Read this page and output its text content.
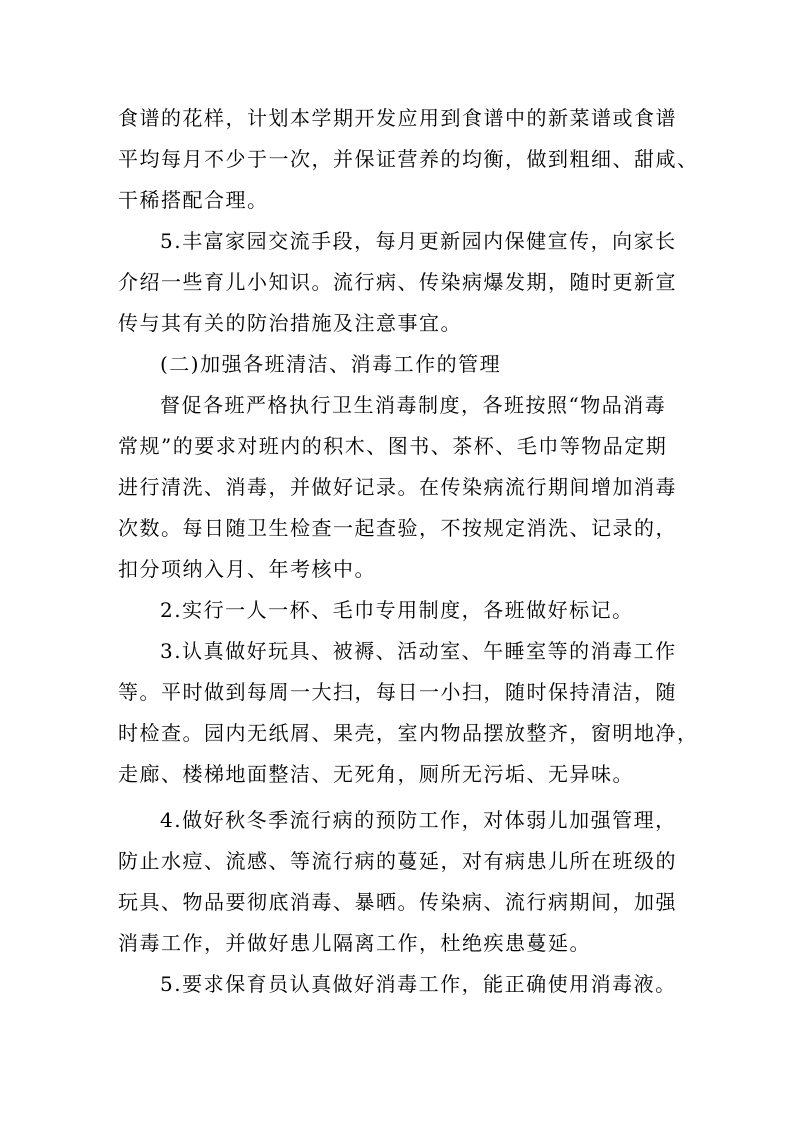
食谱的花样，计划本学期开发应用到食谱中的新菜谱或食谱
平均每月不少于一次，并保证营养的均衡，做到粗细、甜咸、
干稀搭配合理。
5.丰富家园交流手段，每月更新园内保健宣传，向家长
介绍一些育儿小知识。流行病、传染病爆发期，随时更新宣
传与其有关的防治措施及注意事宜。
(二)加强各班清洁、消毒工作的管理
督促各班严格执行卫生消毒制度，各班按照“物品消毒
常规”的要求对班内的积木、图书、茶杯、毛巾等物品定期
进行清洗、消毒，并做好记录。在传染病流行期间增加消毒
次数。每日随卫生检查一起查验，不按规定消洗、记录的，
扣分项纳入月、年考核中。
2.实行一人一杯、毛巾专用制度，各班做好标记。
3.认真做好玩具、被褥、活动室、午睡室等的消毒工作
等。平时做到每周一大扫，每日一小扫，随时保持清洁，随
时检查。园内无纸屑、果壳，室内物品摆放整齐，窗明地净，
走廊、楼梯地面整洁、无死角，厕所无污垢、无异味。
4.做好秋冬季流行病的预防工作，对体弱儿加强管理，
防止水痘、流感、等流行病的蔓延，对有病患儿所在班级的
玩具、物品要彻底消毒、暴晒。传染病、流行病期间，加强
消毒工作，并做好患儿隔离工作，杜绝疾患蔓延。
5.要求保育员认真做好消毒工作，能正确使用消毒液。
